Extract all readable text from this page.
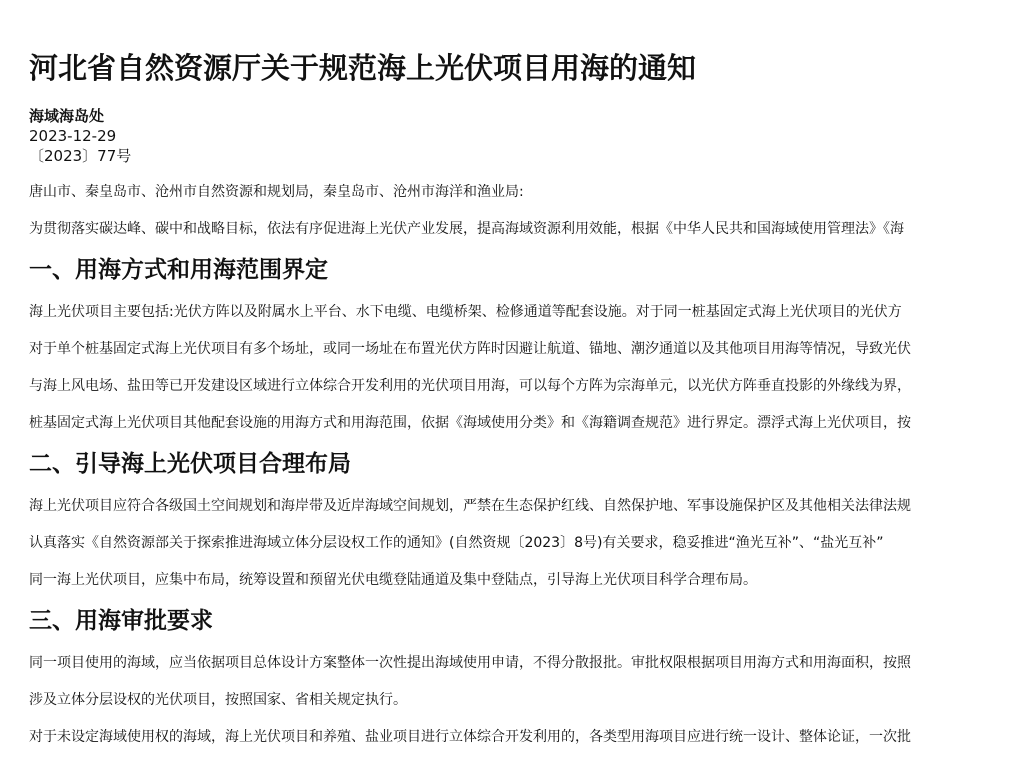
河北省自然资源厅关于规范海上光伏项目用海的通知
海域海岛处
2023-12-29
〔2023〕77号
唐山市、秦皇岛市、沧州市自然资源和规划局，秦皇岛市、沧州市海洋和渔业局:
为贯彻落实碳达峰、碳中和战略目标，依法有序促进海上光伏产业发展，提高海域资源利用效能，根据《中华人民共和国海域使用管理法》《海
一、用海方式和用海范围界定
海上光伏项目主要包括:光伏方阵以及附属水上平台、水下电缆、电缆桥架、检修通道等配套设施。对于同一桩基固定式海上光伏项目的光伏方
对于单个桩基固定式海上光伏项目有多个场址，或同一场址在布置光伏方阵时因避让航道、锚地、潮汐通道以及其他项目用海等情况，导致光伏
与海上风电场、盐田等已开发建设区域进行立体综合开发利用的光伏项目用海，可以每个方阵为宗海单元，以光伏方阵垂直投影的外缘线为界，
桩基固定式海上光伏项目其他配套设施的用海方式和用海范围，依据《海域使用分类》和《海籍调查规范》进行界定。漂浮式海上光伏项目，按
二、引导海上光伏项目合理布局
海上光伏项目应符合各级国土空间规划和海岸带及近岸海域空间规划，严禁在生态保护红线、自然保护地、军事设施保护区及其他相关法律法规
认真落实《自然资源部关于探索推进海域立体分层设权工作的通知》(自然资规〔2023〕8号)有关要求，稳妥推进“渔光互补”、“盐光互补”
同一海上光伏项目，应集中布局，统筹设置和预留光伏电缆登陆通道及集中登陆点，引导海上光伏项目科学合理布局。
三、用海审批要求
同一项目使用的海域，应当依据项目总体设计方案整体一次性提出海域使用申请，不得分散报批。审批权限根据项目用海方式和用海面积，按照
涉及立体分层设权的光伏项目，按照国家、省相关规定执行。
对于未设定海域使用权的海域，海上光伏项目和养殖、盐业项目进行立体综合开发利用的，各类型用海项目应进行统一设计、整体论证，一次批
